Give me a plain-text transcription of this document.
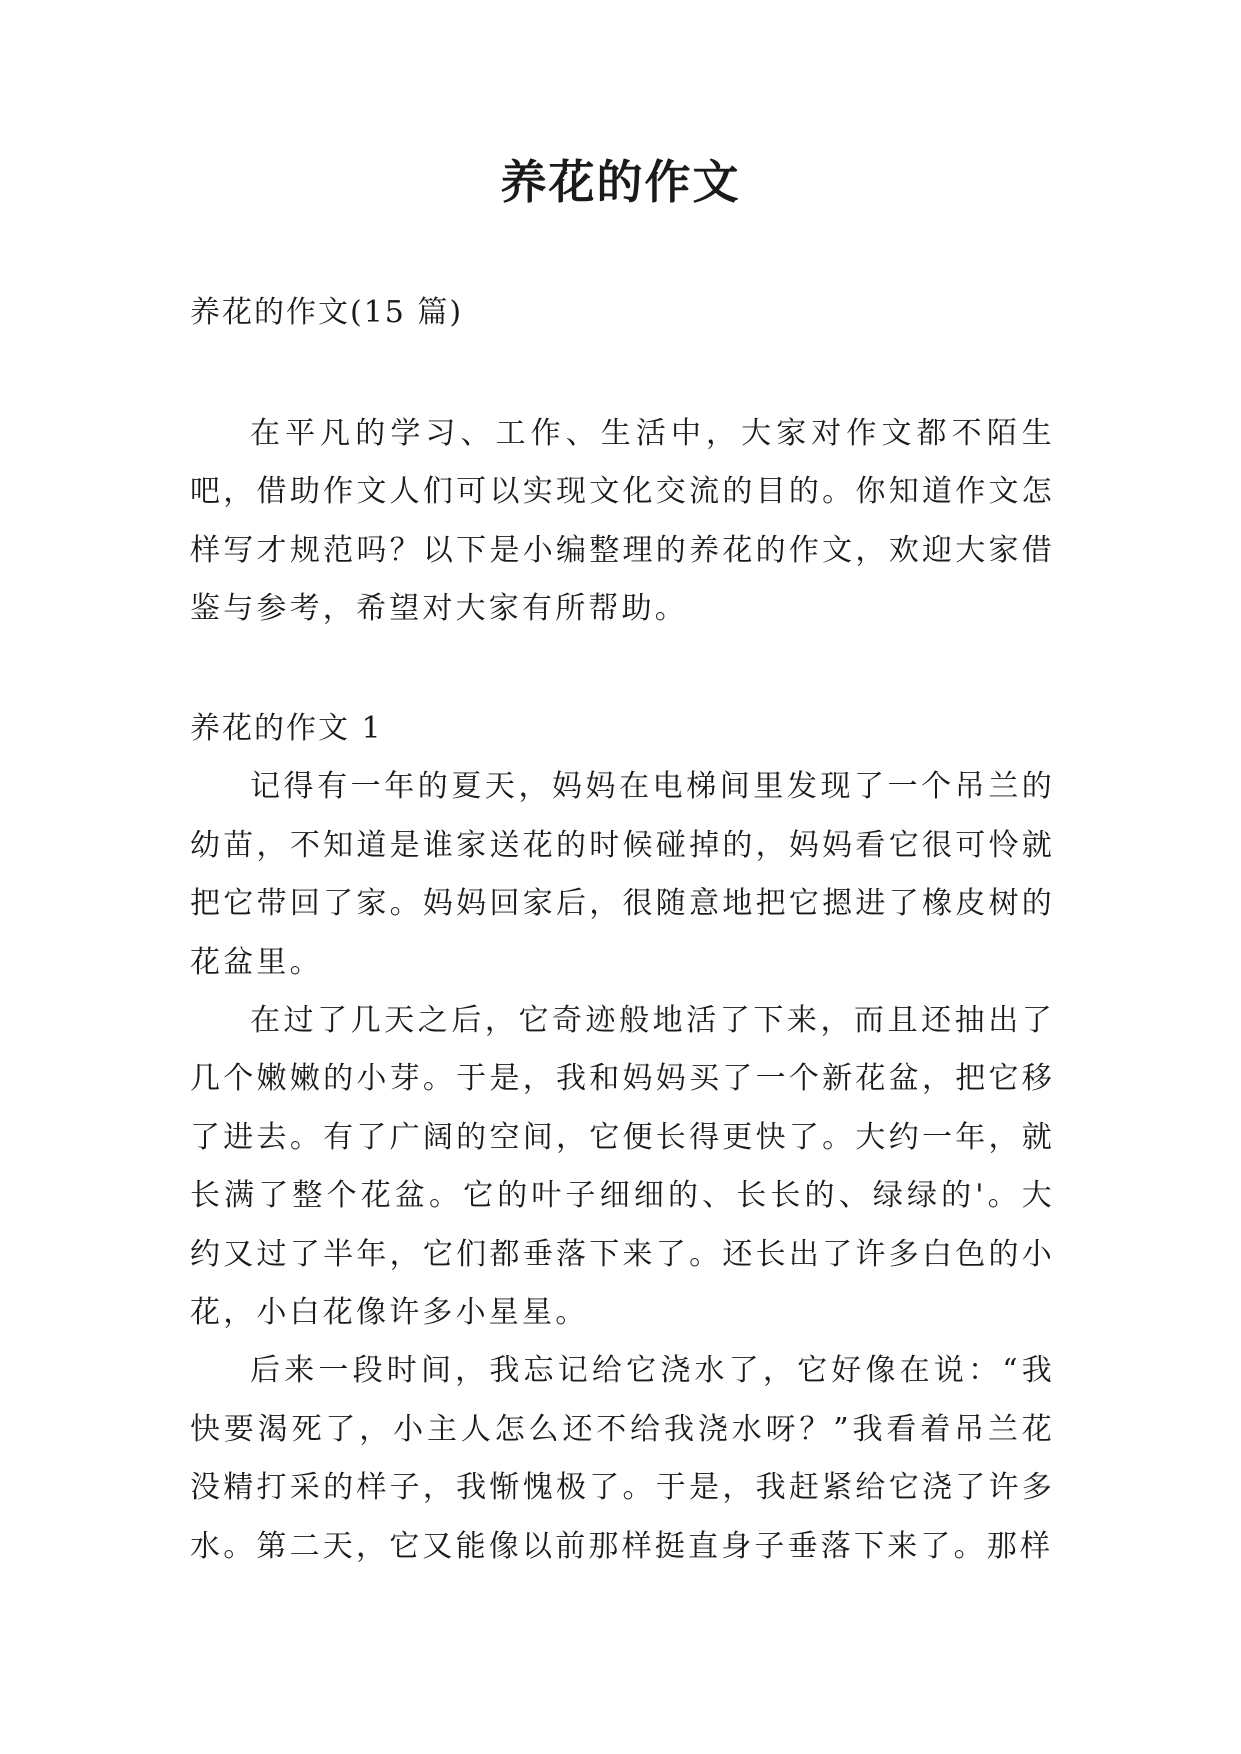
养花的作文
养花的作文(15 篇)

在平凡的学习、工作、生活中，大家对作文都不陌生吧，借助作文人们可以实现文化交流的目的。你知道作文怎样写才规范吗？以下是小编整理的养花的作文，欢迎大家借鉴与参考，希望对大家有所帮助。

养花的作文 1

记得有一年的夏天，妈妈在电梯间里发现了一个吊兰的幼苗，不知道是谁家送花的时候碰掉的，妈妈看它很可怜就把它带回了家。妈妈回家后，很随意地把它摁进了橡皮树的花盆里。

在过了几天之后，它奇迹般地活了下来，而且还抽出了几个嫩嫩的小芽。于是，我和妈妈买了一个新花盆，把它移了进去。有了广阔的空间，它便长得更快了。大约一年，就长满了整个花盆。它的叶子细细的、长长的、绿绿的'。大约又过了半年，它们都垂落下来了。还长出了许多白色的小花，小白花像许多小星星。

后来一段时间，我忘记给它浇水了，它好像在说：“我快要渴死了，小主人怎么还不给我浇水呀？”我看着吊兰花没精打采的样子，我惭愧极了。于是，我赶紧给它浇了许多水。第二天，它又能像以前那样挺直身子垂落下来了。那样
